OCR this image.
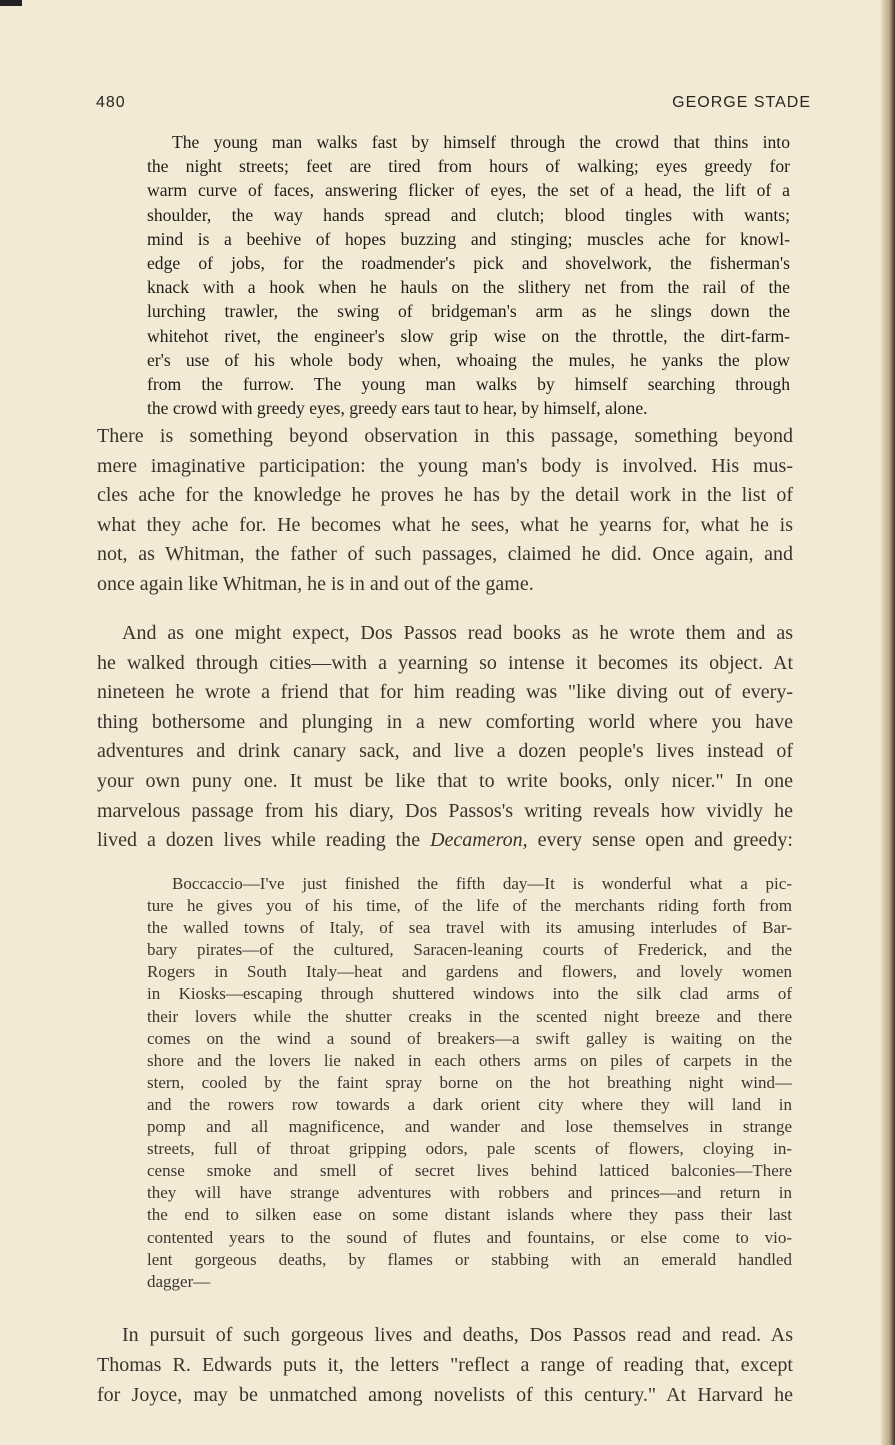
480	GEORGE STADE
The young man walks fast by himself through the crowd that thins into
the night streets; feet are tired from hours of walking; eyes greedy for
warm curve of faces, answering flicker of eyes, the set of a head, the lift of a
shoulder, the way hands spread and clutch; blood tingles with wants;
mind is a beehive of hopes buzzing and stinging; muscles ache for knowl-
edge of jobs, for the roadmender's pick and shovelwork, the fisherman's
knack with a hook when he hauls on the slithery net from the rail of the
lurching trawler, the swing of bridgeman's arm as he slings down the
whitehot rivet, the engineer's slow grip wise on the throttle, the dirt-farm-
er's use of his whole body when, whoaing the mules, he yanks the plow
from the furrow. The young man walks by himself searching through
the crowd with greedy eyes, greedy ears taut to hear, by himself, alone.
There is something beyond observation in this passage, something beyond
mere imaginative participation: the young man's body is involved. His mus-
cles ache for the knowledge he proves he has by the detail work in the list of
what they ache for. He becomes what he sees, what he yearns for, what he is
not, as Whitman, the father of such passages, claimed he did. Once again, and
once again like Whitman, he is in and out of the game.
And as one might expect, Dos Passos read books as he wrote them and as
he walked through cities—with a yearning so intense it becomes its object. At
nineteen he wrote a friend that for him reading was "like diving out of every-
thing bothersome and plunging in a new comforting world where you have
adventures and drink canary sack, and live a dozen people's lives instead of
your own puny one. It must be like that to write books, only nicer." In one
marvelous passage from his diary, Dos Passos's writing reveals how vividly he
lived a dozen lives while reading the Decameron, every sense open and greedy:
Boccaccio—I've just finished the fifth day—It is wonderful what a pic-
ture he gives you of his time, of the life of the merchants riding forth from
the walled towns of Italy, of sea travel with its amusing interludes of Bar-
bary pirates—of the cultured, Saracen-leaning courts of Frederick, and the
Rogers in South Italy—heat and gardens and flowers, and lovely women
in Kiosks—escaping through shuttered windows into the silk clad arms of
their lovers while the shutter creaks in the scented night breeze and there
comes on the wind a sound of breakers—a swift galley is waiting on the
shore and the lovers lie naked in each others arms on piles of carpets in the
stern, cooled by the faint spray borne on the hot breathing night wind—
and the rowers row towards a dark orient city where they will land in
pomp and all magnificence, and wander and lose themselves in strange
streets, full of throat gripping odors, pale scents of flowers, cloying in-
cense smoke and smell of secret lives behind latticed balconies—There
they will have strange adventures with robbers and princes—and return in
the end to silken ease on some distant islands where they pass their last
contented years to the sound of flutes and fountains, or else come to vio-
lent gorgeous deaths, by flames or stabbing with an emerald handled
dagger—
In pursuit of such gorgeous lives and deaths, Dos Passos read and read. As
Thomas R. Edwards puts it, the letters "reflect a range of reading that, except
for Joyce, may be unmatched among novelists of this century." At Harvard he
